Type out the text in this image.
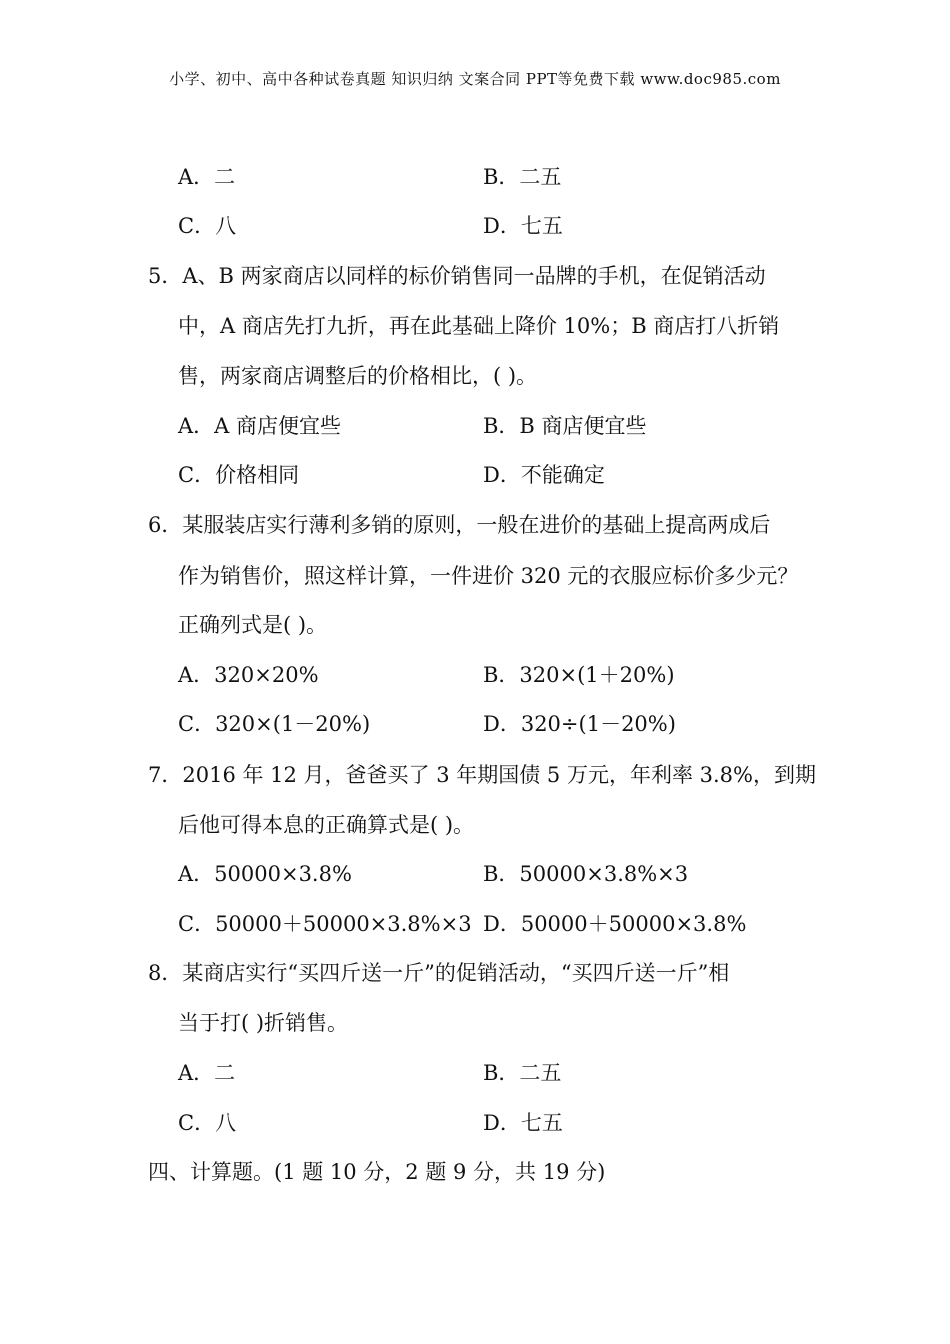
小学、初中、高中各种试卷真题 知识归纳 文案合同 PPT等免费下载 www.doc985.com
A．二	B．二五
C．八	D．七五
5．A、B 两家商店以同样的标价销售同一品牌的手机，在促销活动
中，A 商店先打九折，再在此基础上降价 10%；B 商店打八折销
售，两家商店调整后的价格相比，( )。
A．A 商店便宜些	B．B 商店便宜些
C．价格相同	D．不能确定
6．某服装店实行薄利多销的原则，一般在进价的基础上提高两成后
作为销售价，照这样计算，一件进价 320 元的衣服应标价多少元？
正确列式是( )。
A．320×20%	B．320×(1＋20%)
C．320×(1－20%)	D．320÷(1－20%)
7．2016 年 12 月，爸爸买了 3 年期国债 5 万元，年利率 3.8%，到期
后他可得本息的正确算式是( )。
A．50000×3.8%	B．50000×3.8%×3
C．50000＋50000×3.8%×3 D．50000＋50000×3.8%
8．某商店实行“买四斤送一斤”的促销活动，“买四斤送一斤”相
当于打( )折销售。
A．二	B．二五
C．八	D．七五
四、计算题。(1 题 10 分，2 题 9 分，共 19 分)
